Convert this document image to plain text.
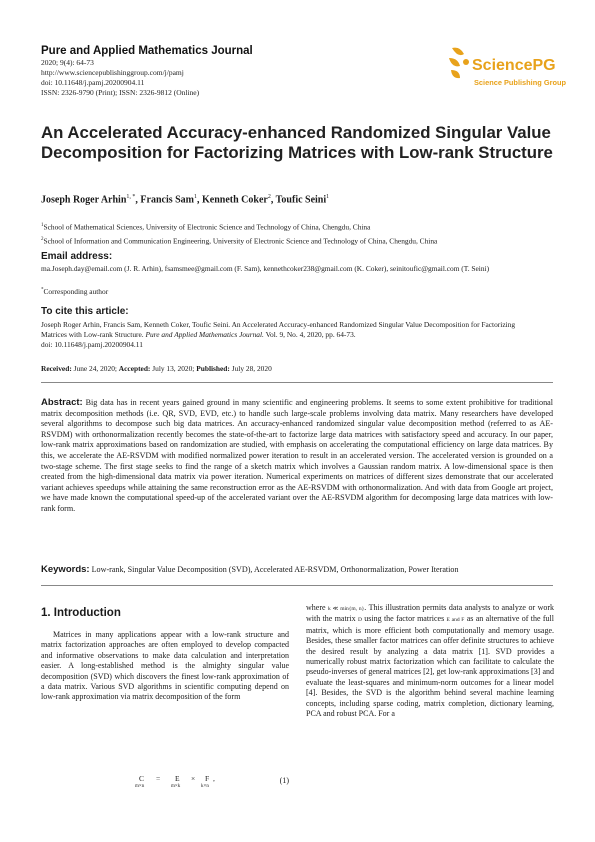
Pure and Applied Mathematics Journal
2020; 9(4): 64-73
http://www.sciencepublishinggroup.com/j/pamj
doi: 10.11648/j.pamj.20200904.11
ISSN: 2326-9790 (Print); ISSN: 2326-9812 (Online)
SciencePG
Science Publishing Group
An Accelerated Accuracy-enhanced Randomized Singular Value Decomposition for Factorizing Matrices with Low-rank Structure
Joseph Roger Arhin$^{1, *}$, Francis Sam$^1$, Kenneth Coker$^2$, Toufic Seini$^1$
$^1$School of Mathematical Sciences, University of Electronic Science and Technology of China, Chengdu, China
$^2$School of Information and Communication Engineering, University of Electronic Science and Technology of China, Chengdu, China
Email address:
ma.Joseph.day@email.com (J. R. Arhin), fsamsmee@gmail.com (F. Sam), kennethcoker238@gmail.com (K. Coker), seinitoufic@gmail.com (T. Seini)
*Corresponding author
To cite this article:
Joseph Roger Arhin, Francis Sam, Kenneth Coker, Toufic Seini. An Accelerated Accuracy-enhanced Randomized Singular Value Decomposition for Factorizing Matrices with Low-rank Structure. Pure and Applied Mathematics Journal. Vol. 9, No. 4, 2020, pp. 64-73.
doi: 10.11648/j.pamj.20200904.11
Received: June 24, 2020; Accepted: July 13, 2020; Published: July 28, 2020
Abstract: Big data has in recent years gained ground in many scientific and engineering problems. It seems to some extent prohibitive for traditional matrix decomposition methods (i.e. QR, SVD, EVD, etc.) to handle such large-scale problems involving data matrix. Many researchers have developed several algorithms to decompose such big data matrices. An accuracy-enhanced randomized singular value decomposition method (referred to as AE-RSVDM) with orthonormalization recently becomes the state-of-the-art to factorize large data matrices with satisfactory speed and accuracy. In our paper, low-rank matrix approximations based on randomization are studied, with emphasis on accelerating the computational efficiency on large data matrices. By this, we accelerate the AE-RSVDM with modified normalized power iteration to result in an accelerated version. The accelerated version is grounded on a two-stage scheme. The first stage seeks to find the range of a sketch matrix which involves a Gaussian random matrix. A low-dimensional space is then created from the high-dimensional data matrix via power iteration. Numerical experiments on matrices of different sizes demonstrate that our accelerated variant achieves speedups while attaining the same reconstruction error as the AE-RSVDM with orthonormalization. And with data from Google art project, we have made known the computational speed-up of the accelerated variant over the AE-RSVDM algorithm for decomposing large data matrices with low-rank form.
Keywords: Low-rank, Singular Value Decomposition (SVD), Accelerated AE-RSVDM, Orthonormalization, Power Iteration
1. Introduction
Matrices in many applications appear with a low-rank structure and matrix factorization approaches are often employed to develop compacted and informative observations to make data calculation and interpretation easier. A long-established method is the almighty singular value decomposition (SVD) which discovers the finest low-rank approximation of a data matrix. Various SVD algorithms in scientific computing depend on low-rank approximation via matrix decomposition of the form
C
m×n
= E
m×k
× F
k×n
,	(1)
where k ≪ min{m, n}. This illustration permits data analysts to analyze or work with the matrix D using the factor matrices E and F as an alternative of the full matrix, which is more efficient both computationally and memory usage. Besides, these smaller factor matrices can offer definite structures to achieve the desired result by analyzing a data matrix [1]. SVD provides a numerically robust matrix factorization which can facilitate to calculate the pseudo-inverses of general matrices [2], get low-rank approximations [3] and evaluate the least-squares and minimum-norm outcomes for a linear model [4]. Besides, the SVD is the algorithm behind several machine learning concepts, including sparse coding, matrix completion, dictionary learning, PCA and robust PCA. For a
